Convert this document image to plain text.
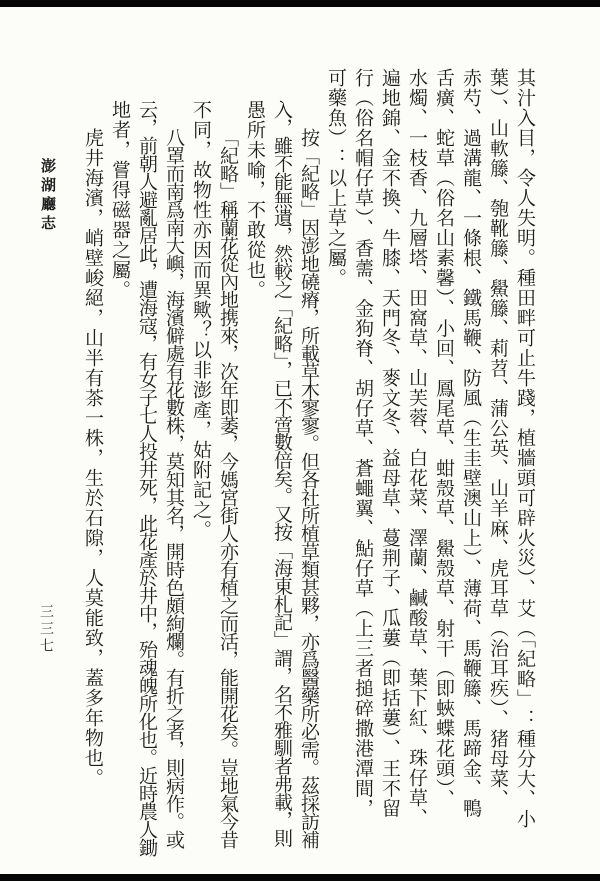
其汁入目，令人失明。種田畔可止牛踐，植牆頭可辟火災）、艾（「紀略」：種分大、小
葉）、山軟籐、匏靴籐、鱟籐、莉苕、蒲公英、山羊麻、虎耳草（治耳疾）、猪母菜、
赤芍、過溝龍、一條根、鐵馬鞭、防風（生圭壁澳山上）、薄荷、馬鞭籐、馬蹄金、鴨
舌癀、蛇草（俗名山素馨）、小回、鳳尾草、蚶殼草、鱟殼草、射干（即蛺蝶花頭）、
水燭、一枝香、九層塔、田窩草、山芙蓉、白花菜、澤蘭、鹹酸草、葉下紅、珠仔草、
遍地錦、金不換、牛膝、天門冬、麥文冬、益母草、蔓荆子、瓜蔞（即括蔞）、王不留
行（俗名帽仔草）、香薷、金狗脊、胡仔草、蒼蠅翼、鮎仔草（上三者搥碎撒港潭間，
可藥魚）：以上草之屬。
按「紀略」因澎地磽瘠，所載草木寥寥。但各社所植草類甚夥，亦爲醫藥所必需。茲採訪補
入，雖不能無遺，然較之「紀略」，已不啻數倍矣。又按「海東札記」謂，名不雅馴者弗載，則
愚所未喻，不敢從也。
「紀略」稱蘭花從內地携來，次年即萎，今媽宮街人亦有植之而活，能開花矣。豈地氣今昔
不同，故物性亦因而異歟？以非澎產，姑附記之。
八罩而南爲南大嶼，海濱僻處有花數株，莫知其名，開時色頗絢爛。有折之者，則病作。或
云，前朝人避亂居此，遭海寇，有女子七人投井死，此花產於井中，殆魂魄所化也。近時農人鋤
地者，嘗得磁器之屬。
虎井海濱，峭壁峻絕，山半有茶一株，生於石隙，人莫能致，蓋多年物也。
澎湖廳志
三三七
